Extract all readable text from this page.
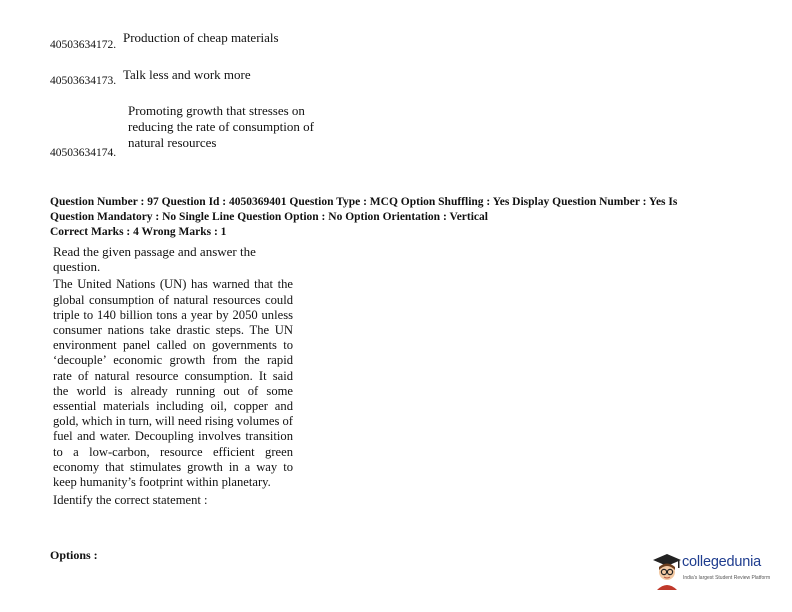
40503634172. Production of cheap materials
40503634173. Talk less and work more
40503634174.
Promoting growth that stresses on reducing the rate of consumption of natural resources
Question Number : 97 Question Id : 4050369401 Question Type : MCQ Option Shuffling : Yes Display Question Number : Yes Is
Question Mandatory : No Single Line Question Option : No Option Orientation : Vertical
Correct Marks : 4 Wrong Marks : 1

Read the given passage and answer the question.

The United Nations (UN) has warned that the global consumption of natural resources could triple to 140 billion tons a year by 2050 unless consumer nations take drastic steps. The UN environment panel called on governments to ‘decouple’ economic growth from the rapid rate of natural resource consumption. It said the world is already running out of some essential materials including oil, copper and gold, which in turn, will need rising volumes of fuel and water. Decoupling involves transition to a low-carbon, resource efficient green economy that stimulates growth in a way to keep humanity’s footprint within planetary.

Identify the correct statement :

Options :	collegedunia
India's largest Student Review Platform
